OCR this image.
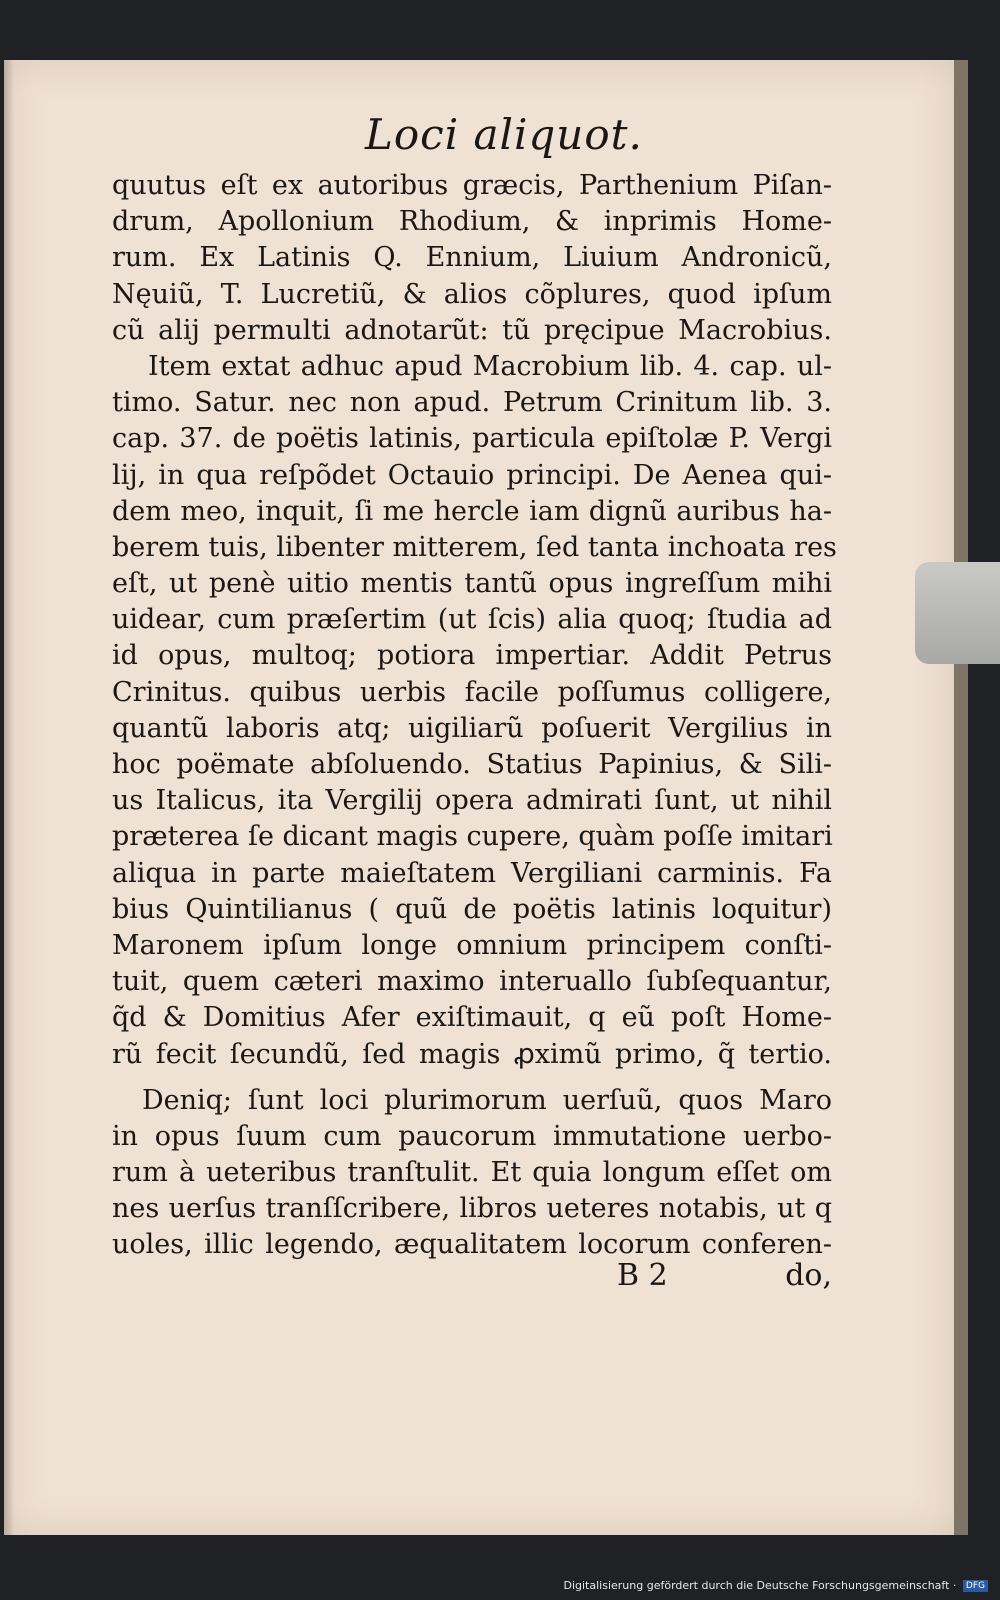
Loci aliquot.
quutus eſt ex autoribus græcis, Parthenium Piſan-
drum, Apollonium Rhodium, & inprimis Home-
rum. Ex Latinis Q. Ennium, Liuium Andronicũ,
Nęuiũ, T. Lucretiũ, & alios cõplures, quod ipſum
cũ alij permulti adnotarũt: tũ pręcipue Macrobius.
Item extat adhuc apud Macrobium lib. 4. cap. ul-
timo. Satur. nec non apud. Petrum Crinitum lib. 3.
cap. 37. de poëtis latinis, particula epiſtolæ P. Vergi
lij, in qua reſpõdet Octauio principi. De Aenea qui-
dem meo, inquit, ſi me hercle iam dignũ auribus ha-
berem tuis, libenter mitterem, ſed tanta inchoata res
eſt, ut penè uitio mentis tantũ opus ingreſſum mihi
uidear, cum præſertim (ut ſcis) alia quoq; ſtudia ad
id opus, multoq; potiora impertiar. Addit Petrus
Crinitus. quibus uerbis facile poſſumus colligere,
quantũ laboris atq; uigiliarũ poſuerit Vergilius in
hoc poëmate abſoluendo. Statius Papinius, & Sili-
us Italicus, ita Vergilij opera admirati ſunt, ut nihil
præterea ſe dicant magis cupere, quàm poſſe imitari
aliqua in parte maieſtatem Vergiliani carminis. Fa
bius Quintilianus ( quũ de poëtis latinis loquitur)
Maronem ipſum longe omnium principem conſti-
tuit, quem cæteri maximo interuallo ſubſequantur,
q̃d & Domitius Afer exiſtimauit, q eũ poſt Home-
rũ fecit ſecundũ, ſed magis ꝓximũ primo, q̃ tertio.
Deniq; ſunt loci plurimorum uerſuũ, quos Maro
in opus ſuum cum paucorum immutatione uerbo-
rum à ueteribus tranſtulit. Et quia longum eſſet om
nes uerſus tranſſcribere, libros ueteres notabis, ut q
uoles, illic legendo, æqualitatem locorum conferen-
B 2	do,
Digitalisierung gefördert durch die Deutsche Forschungsgemeinschaft · DFG
